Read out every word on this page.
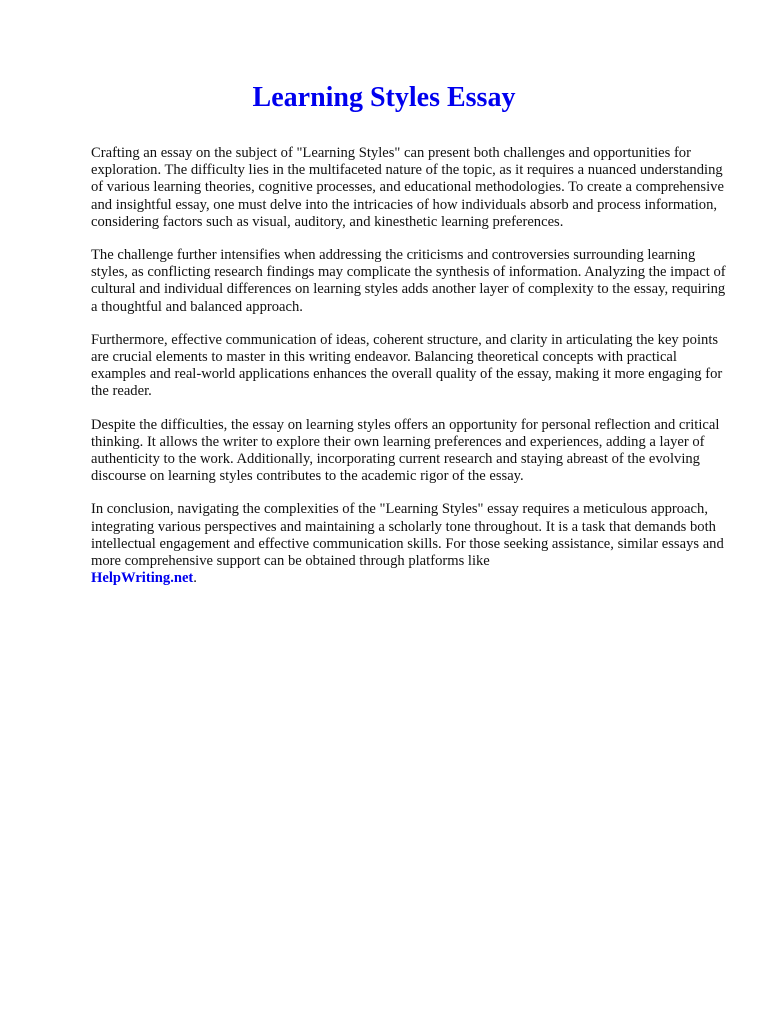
Learning Styles Essay

Crafting an essay on the subject of "Learning Styles" can present both challenges and opportunities for exploration. The difficulty lies in the multifaceted nature of the topic, as it requires a nuanced understanding of various learning theories, cognitive processes, and educational methodologies. To create a comprehensive and insightful essay, one must delve into the intricacies of how individuals absorb and process information, considering factors such as visual, auditory, and kinesthetic learning preferences.

The challenge further intensifies when addressing the criticisms and controversies surrounding learning styles, as conflicting research findings may complicate the synthesis of information. Analyzing the impact of cultural and individual differences on learning styles adds another layer of complexity to the essay, requiring a thoughtful and balanced approach.

Furthermore, effective communication of ideas, coherent structure, and clarity in articulating the key points are crucial elements to master in this writing endeavor. Balancing theoretical concepts with practical examples and real-world applications enhances the overall quality of the essay, making it more engaging for the reader.

Despite the difficulties, the essay on learning styles offers an opportunity for personal reflection and critical thinking. It allows the writer to explore their own learning preferences and experiences, adding a layer of authenticity to the work. Additionally, incorporating current research and staying abreast of the evolving discourse on learning styles contributes to the academic rigor of the essay.

In conclusion, navigating the complexities of the "Learning Styles" essay requires a meticulous approach, integrating various perspectives and maintaining a scholarly tone throughout. It is a task that demands both intellectual engagement and effective communication skills. For those seeking assistance, similar essays and more comprehensive support can be obtained through platforms like
HelpWriting.net.
